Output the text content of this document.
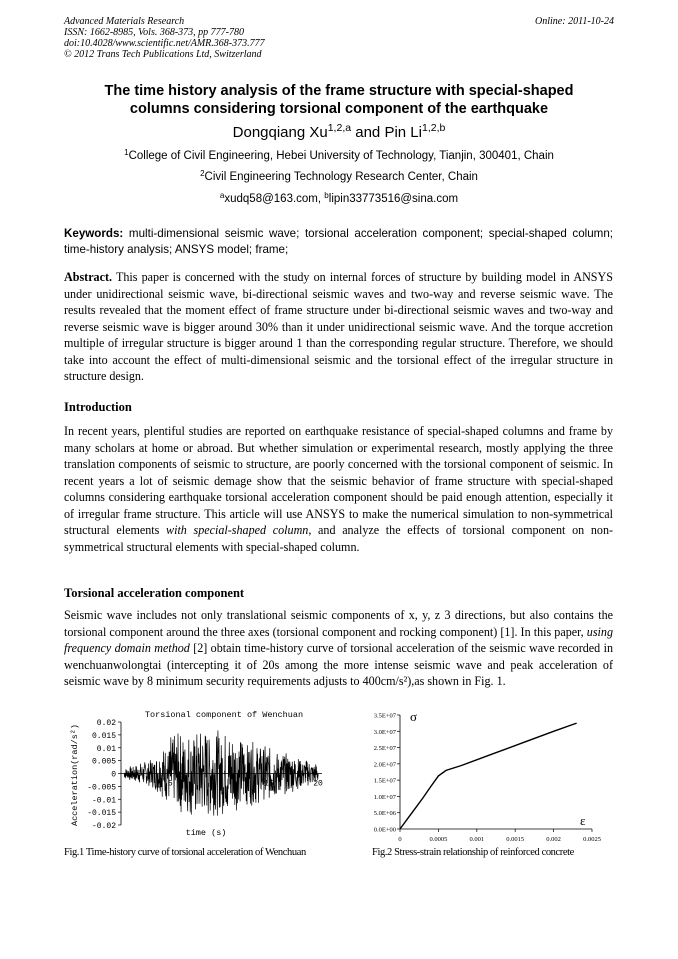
Advanced Materials Research
ISSN: 1662-8985, Vols. 368-373, pp 777-780
doi:10.4028/www.scientific.net/AMR.368-373.777
© 2012 Trans Tech Publications Ltd, Switzerland
Online: 2011-10-24
The time history analysis of the frame structure with special-shaped
columns considering torsional component of the earthquake
Dongqiang Xu$^{1,2,a}$ and Pin Li$^{1,2,b}$
$^1$College of Civil Engineering, Hebei University of Technology, Tianjin, 300401, Chain
$^2$Civil Engineering Technology Research Center, Chain
$^a$xudq58@163.com, $^b$lipin33773516@sina.com
Keywords: multi-dimensional seismic wave; torsional acceleration component; special-shaped column; time-history analysis; ANSYS model; frame;
Abstract. This paper is concerned with the study on internal forces of structure by building model in ANSYS under unidirectional seismic wave, bi-directional seismic waves and two-way and reverse seismic wave. The results revealed that the moment effect of frame structure under bi-directional seismic waves and two-way and reverse seismic wave is bigger around 30% than it under unidirectional seismic wave. And the torque accretion multiple of irregular structure is bigger around 1 than the corresponding regular structure. Therefore, we should take into account the effect of multi-dimensional seismic and the torsional effect of the irregular structure in structure design.
Introduction
In recent years, plentiful studies are reported on earthquake resistance of special-shaped columns and frame by many scholars at home or abroad. But whether simulation or experimental research, mostly applying the three translation components of seismic to structure, are poorly concerned with the torsional component of seismic. In recent years a lot of seismic demage show that the seismic behavior of frame structure with special-shaped columns considering earthquake torsional acceleration component should be paid enough attention, especially it of irregular frame structure. This article will use ANSYS to make the numerical simulation to non-symmetrical structural elements with special-shaped column, and analyze the effects of torsional component on non-symmetrical structural elements with special-shaped column.
Torsional acceleration component
Seismic wave includes not only translational seismic components of x, y, z 3 directions, but also contains the torsional component around the three axes (torsional component and rocking component) [1]. In this paper, using frequency domain method [2] obtain time-history curve of torsional acceleration of the seismic wave recorded in wenchuanwolongtai (intercepting it of 20s among the more intense seismic wave and peak acceleration of seismic wave by 8 minimum security requirements adjusts to 400cm/s²),as shown in Fig. 1.
Torsional component of Wenchuan
0.02
0.015
0.01
0.005
0
-0.005
-0.01
-0.015
-0.02
5	15	20
Acceleration(rad/s²)
time (s)
Fig.1 Time-history curve of torsional acceleration of Wenchuan
0.0E+00
5.0E+06
1.0E+07
1.5E+07
2.0E+07
2.5E+07
3.0E+07
3.5E+07
0	0.0005	0.001	0.0015	0.002	0.0025
σ
ε
Fig.2 Stress-strain relationship of reinforced concrete
